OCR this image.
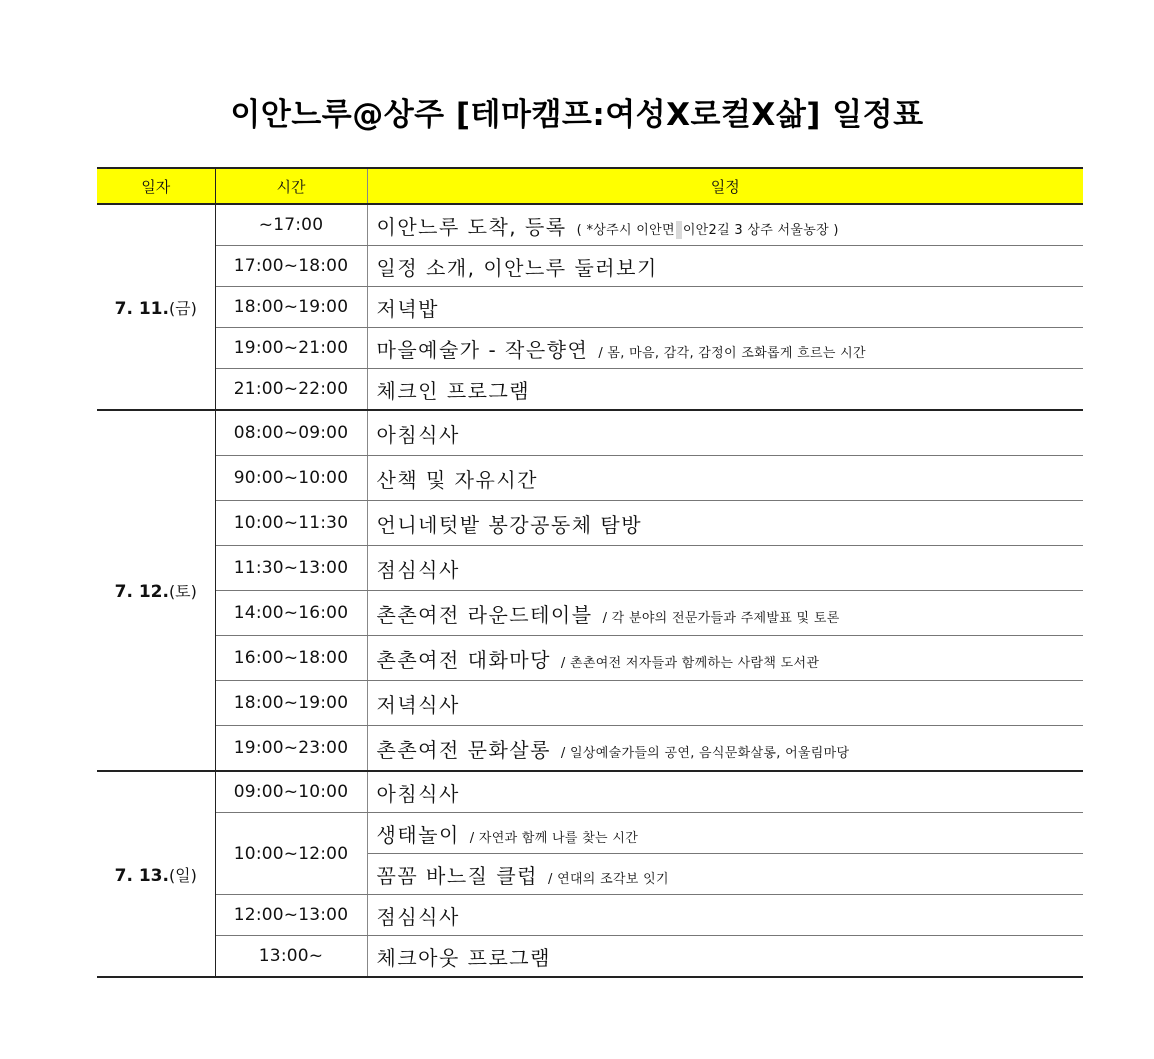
이안느루@상주 [테마캠프:여성X로컬X삶] 일정표
일자	시간	일정
7. 11.(금)	~17:00	이안느루 도착, 등록 ( *상주시 이안면 이안2길 3 상주 서울농장 )
	17:00~18:00	일정 소개, 이안느루 둘러보기
	18:00~19:00	저녁밥
	19:00~21:00	마을예술가 - 작은향연 / 몸, 마음, 감각, 감정이 조화롭게 흐르는 시간
	21:00~22:00	체크인 프로그램
7. 12.(토)	08:00~09:00	아침식사
	90:00~10:00	산책 및 자유시간
	10:00~11:30	언니네텃밭 봉강공동체 탐방
	11:30~13:00	점심식사
	14:00~16:00	촌촌여전 라운드테이블 / 각 분야의 전문가들과 주제발표 및 토론
	16:00~18:00	촌촌여전 대화마당 / 촌촌여전 저자들과 함께하는 사람책 도서관
	18:00~19:00	저녁식사
	19:00~23:00	촌촌여전 문화살롱 / 일상예술가들의 공연, 음식문화살롱, 어울림마당
7. 13.(일)	09:00~10:00	아침식사
	10:00~12:00	생태놀이 / 자연과 함께 나를 찾는 시간
		꼼꼼 바느질 클럽 / 연대의 조각보 잇기
	12:00~13:00	점심식사
	13:00~	체크아웃 프로그램
